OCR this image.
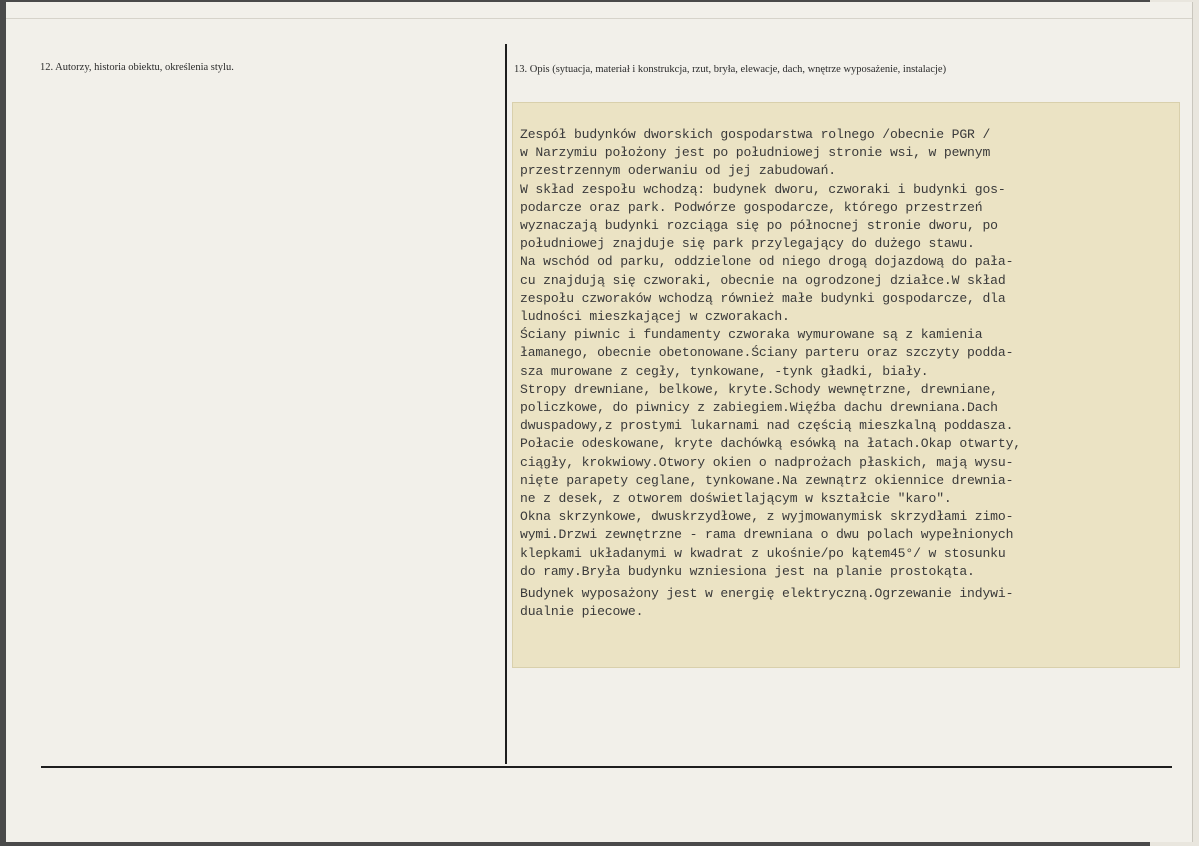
12. Autorzy, historia obiektu, określenia stylu.	13. Opis (sytuacja, materiał i konstrukcja, rzut, bryła, elewacje, dach, wnętrze wyposażenie, instalacje)
Zespół budynków dworskich gospodarstwa rolnego /obecnie PGR /
w Narzymiu położony jest po południowej stronie wsi, w pewnym
przestrzennym oderwaniu od jej zabudowań.
W skład zespołu wchodzą: budynek dworu, czworaki i budynki gos-
podarcze oraz park. Podwórze gospodarcze, którego przestrzeń
wyznaczają budynki rozciąga się po północnej stronie dworu, po
południowej znajduje się park przylegający do dużego stawu.
Na wschód od parku, oddzielone od niego drogą dojazdową do pała-
cu znajdują się czworaki, obecnie na ogrodzonej działce.W skład
zespołu czworaków wchodzą również małe budynki gospodarcze, dla
ludności mieszkającej w czworakach.
Ściany piwnic i fundamenty czworaka wymurowane są z kamienia
łamanego, obecnie obetonowane.Ściany parteru oraz szczyty podda-
sza murowane z cegły, tynkowane, -tynk gładki, biały.
Stropy drewniane, belkowe, kryte.Schody wewnętrzne, drewniane,
policzkowe, do piwnicy z zabiegiem.Więźba dachu drewniana.Dach
dwuspadowy,z prostymi lukarnami nad częścią mieszkalną poddasza.
Połacie odeskowane, kryte dachówką esówką na łatach.Okap otwarty,
ciągły, krokwiowy.Otwory okien o nadprożach płaskich, mają wysu-
nięte parapety ceglane, tynkowane.Na zewnątrz okiennice drewnia-
ne z desek, z otworem doświetlającym w kształcie "karo".
Okna skrzynkowe, dwuskrzydłowe, z wyjmowanymisk skrzydłami zimo-
wymi.Drzwi zewnętrzne - rama drewniana o dwu polach wypełnionych
klepkami układanymi w kwadrat z ukośnie/po kątem45°/ w stosunku
do ramy.Bryła budynku wzniesiona jest na planie prostokąta.
Budynek wyposażony jest w energię elektryczną.Ogrzewanie indywi-
dualnie piecowe.
